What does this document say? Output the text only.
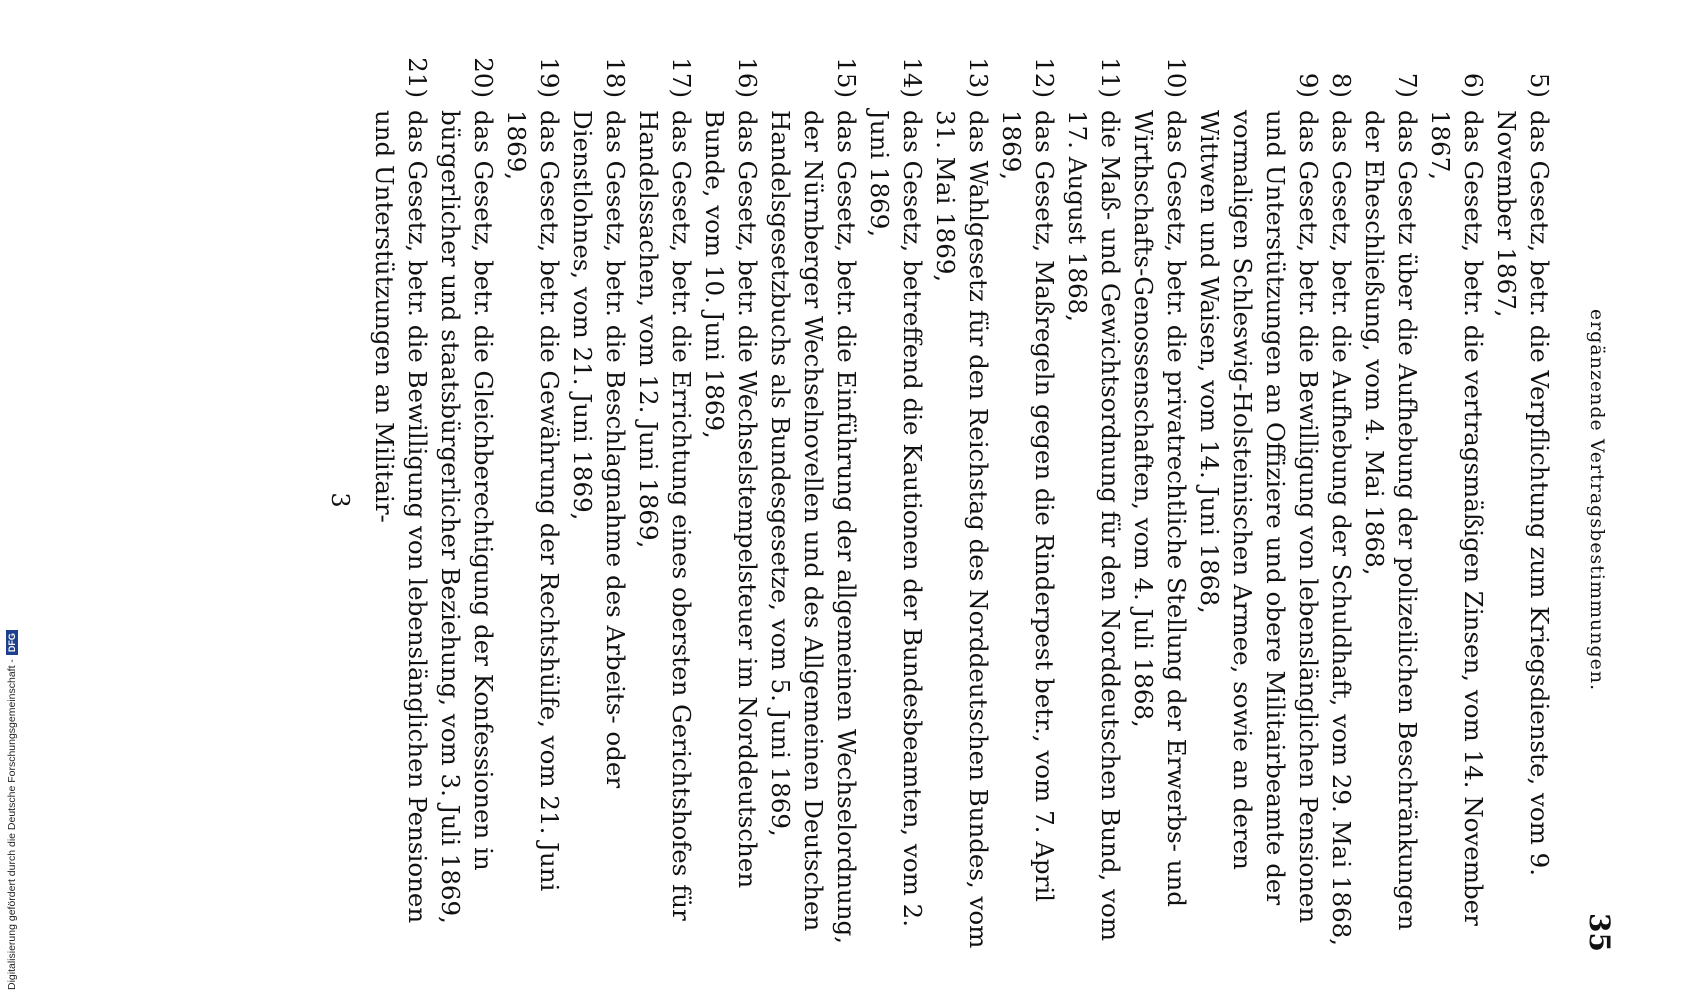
ergänzende Vertragsbestimmungen.
35
5)
das Gesetz, betr. die Verpflichtung zum Kriegsdienste, vom 9. November 1867,
6)
das Gesetz, betr. die vertragsmäßigen Zinsen, vom 14. November 1867,
7)
das Gesetz über die Aufhebung der polizeilichen Beschränkungen der Eheschließung, vom 4. Mai 1868,
8)
das Gesetz, betr. die Aufhebung der Schuldhaft, vom 29. Mai 1868,
9)
das Gesetz, betr. die Bewilligung von lebenslänglichen Pensionen und Unterstützungen an Offiziere und obere Militairbeamte der vormaligen Schleswig-Holsteinischen Armee, sowie an deren Wittwen und Waisen, vom 14. Juni 1868,
10)
das Gesetz, betr. die privatrechtliche Stellung der Erwerbs- und Wirthschafts-Genossenschaften, vom 4. Juli 1868,
11)
die Maß- und Gewichtsordnung für den Norddeutschen Bund, vom 17. August 1868,
12)
das Gesetz, Maßregeln gegen die Rinderpest betr., vom 7. April 1869,
13)
das Wahlgesetz für den Reichstag des Norddeutschen Bundes, vom 31. Mai 1869,
14)
das Gesetz, betreffend die Kautionen der Bundesbeamten, vom 2. Juni 1869,
15)
das Gesetz, betr. die Einführung der allgemeinen Wechselordnung, der Nürnberger Wechselnovellen und des Allgemeinen Deutschen Handelsgesetzbuchs als Bundesgesetze, vom 5. Juni 1869,
16)
das Gesetz, betr. die Wechselstempelsteuer im Norddeutschen Bunde, vom 10. Juni 1869,
17)
das Gesetz, betr. die Errichtung eines obersten Gerichtshofes für Handelssachen, vom 12. Juni 1869,
18)
das Gesetz, betr. die Beschlagnahme des Arbeits- oder Dienstlohnes, vom 21. Juni 1869,
19)
das Gesetz, betr. die Gewährung der Rechtshülfe, vom 21. Juni 1869,
20)
das Gesetz, betr. die Gleichberechtigung der Konfessionen in bürgerlicher und staatsbürgerlicher Beziehung, vom 3. Juli 1869,
21)
das Gesetz, betr. die Bewilligung von lebenslänglichen Pensionen und Unterstützungen an Militair-
3
Digitalisierung gefördert durch die Deutsche Forschungsgemeinschaft -
DFG
